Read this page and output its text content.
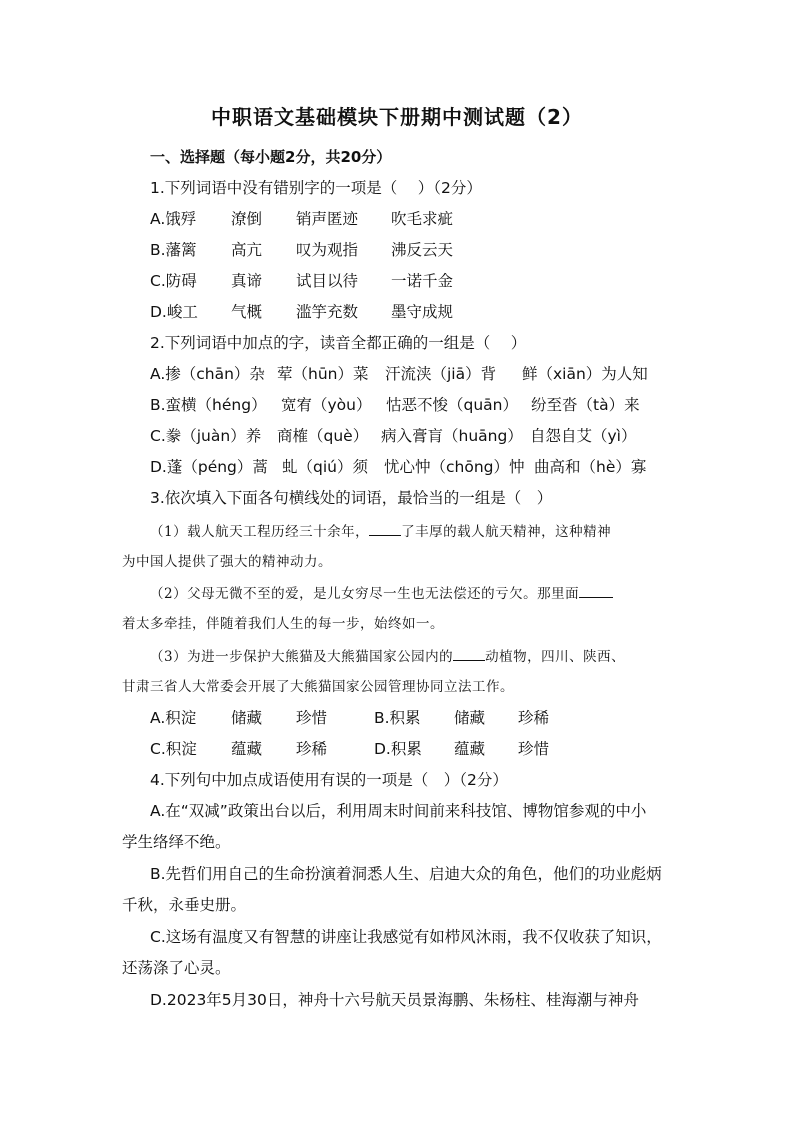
中职语文基础模块下册期中测试题（2）
一、选择题（每小题2分，共20分）
1.下列词语中没有错别字的一项是（　 ）（2分）
A.饿殍 潦倒 销声匿迹 吹毛求疵
B.藩篱 高亢 叹为观指 沸反云天
C.防碍 真谛 试目以待 一诺千金
D.峻工 气概 滥竽充数 墨守成规
2.下列词语中加点的字，读音全都正确的一组是（　 ）
A.掺（chān）杂 荤（hūn）菜 汗流浃（jiā）背 鲜（xiān）为人知
B.蛮横（héng） 宽宥（yòu） 怙恶不悛（quān） 纷至沓（tà）来
C.豢（juàn）养 商榷（què） 病入膏肓（huāng） 自怨自艾（yì）
D.蓬（péng）蒿 虬（qiú）须 忧心忡（chōng）忡 曲高和（hè）寡
3.依次填入下面各句横线处的词语，最恰当的一组是（　）
（1）载人航天工程历经三十余年， 了丰厚的载人航天精神，这种精神
为中国人提供了强大的精神动力。
（2）父母无微不至的爱，是儿女穷尽一生也无法偿还的亏欠。那里面
着太多牵挂，伴随着我们人生的每一步，始终如一。
（3）为进一步保护大熊猫及大熊猫国家公园内的 动植物，四川、陕西、
甘肃三省人大常委会开展了大熊猫国家公园管理协同立法工作。
A.积淀 储藏 珍惜	B.积累 储藏 珍稀
C.积淀 蕴藏 珍稀	D.积累 蕴藏 珍惜
4.下列句中加点成语使用有误的一项是（　）（2分）
A.在“双减”政策出台以后，利用周末时间前来科技馆、博物馆参观的中小
学生络绎不绝。
B.先哲们用自己的生命扮演着洞悉人生、启迪大众的角色，他们的功业彪炳
千秋，永垂史册。
C.这场有温度又有智慧的讲座让我感觉有如栉风沐雨，我不仅收获了知识，
还荡涤了心灵。
D.2023年5月30日，神舟十六号航天员景海鹏、朱杨柱、桂海潮与神舟
